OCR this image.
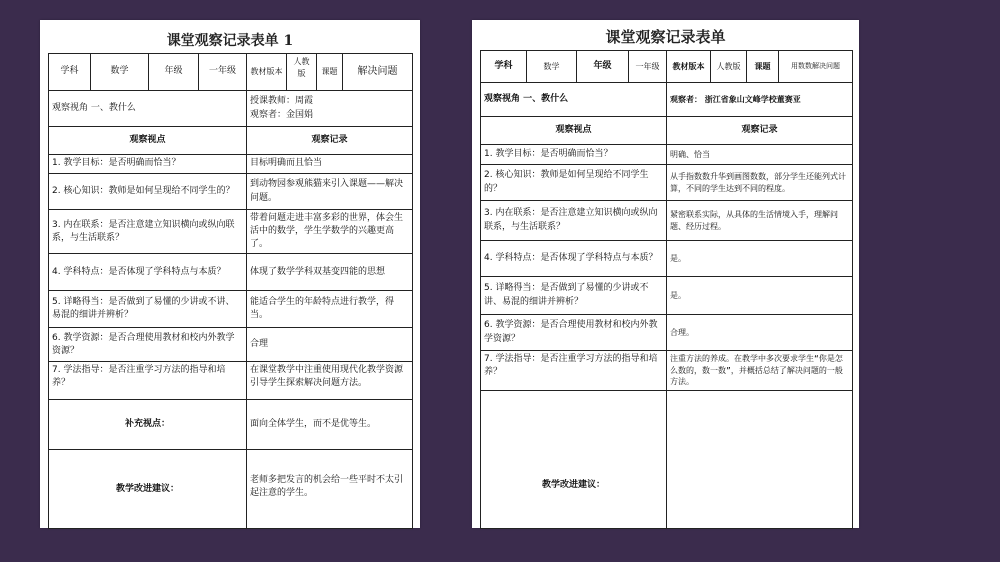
课堂观察记录表单 1
学科	数学	年级	一年级	教材版本	人教版	课题	解决问题
观察视角 一、教什么				授课教师：周霞
观察者：金国娟			

观察视点				观察记录			
1. 教学目标：是否明确而恰当？				目标明确而且恰当			
2. 核心知识：教师是如何呈现给不同学生的？				到动物园参观熊猫来引入课题——解决问题。			
3. 内在联系：是否注意建立知识横向或纵向联系，与生活联系？				带着问题走进丰富多彩的世界，体会生活中的数学，学生学数学的兴趣更高了。			
4. 学科特点：是否体现了学科特点与本质？				体现了数学学科双基变四能的思想			
5. 详略得当：是否做到了易懂的少讲或不讲、易混的细讲并辨析？				能适合学生的年龄特点进行教学，得当。			
6. 教学资源：是否合理使用教材和校内外教学资源？				合理			
7. 学法指导：是否注重学习方法的指导和培养？				在课堂教学中注重使用现代化教学资源引导学生探索解决问题方法。			
补充视点：				面向全体学生，而不是优等生。			
教学改进建议：				老师多把发言的机会给一些平时不太引起注意的学生。			
课堂观察记录表单
学科	数学	年级	一年级	教材版本	人教版	课题	用数数解决问题
观察视角 一、教什么				观察者： 浙江省象山文峰学校董赛亚			
观察视点				观察记录			
1. 教学目标：是否明确而恰当？				明确、恰当			
2. 核心知识：教师是如何呈现给不同学生的？				从手指数数升华到画图数数，部分学生还能列式计算，不同的学生达到不同的程度。			
3. 内在联系：是否注意建立知识横向或纵向联系，与生活联系？				紧密联系实际，从具体的生活情境入手，理解问题、经历过程。			
4. 学科特点：是否体现了学科特点与本质？				是。			
5. 详略得当：是否做到了易懂的少讲或不讲、易混的细讲并辨析？				是。			
6. 教学资源：是否合理使用教材和校内外教学资源？				合理。			
7. 学法指导：是否注重学习方法的指导和培养？				注重方法的养成。在教学中多次要求学生“你是怎么数的，数一数”，并概括总结了解决问题的一般方法。			
教学改进建议：							
